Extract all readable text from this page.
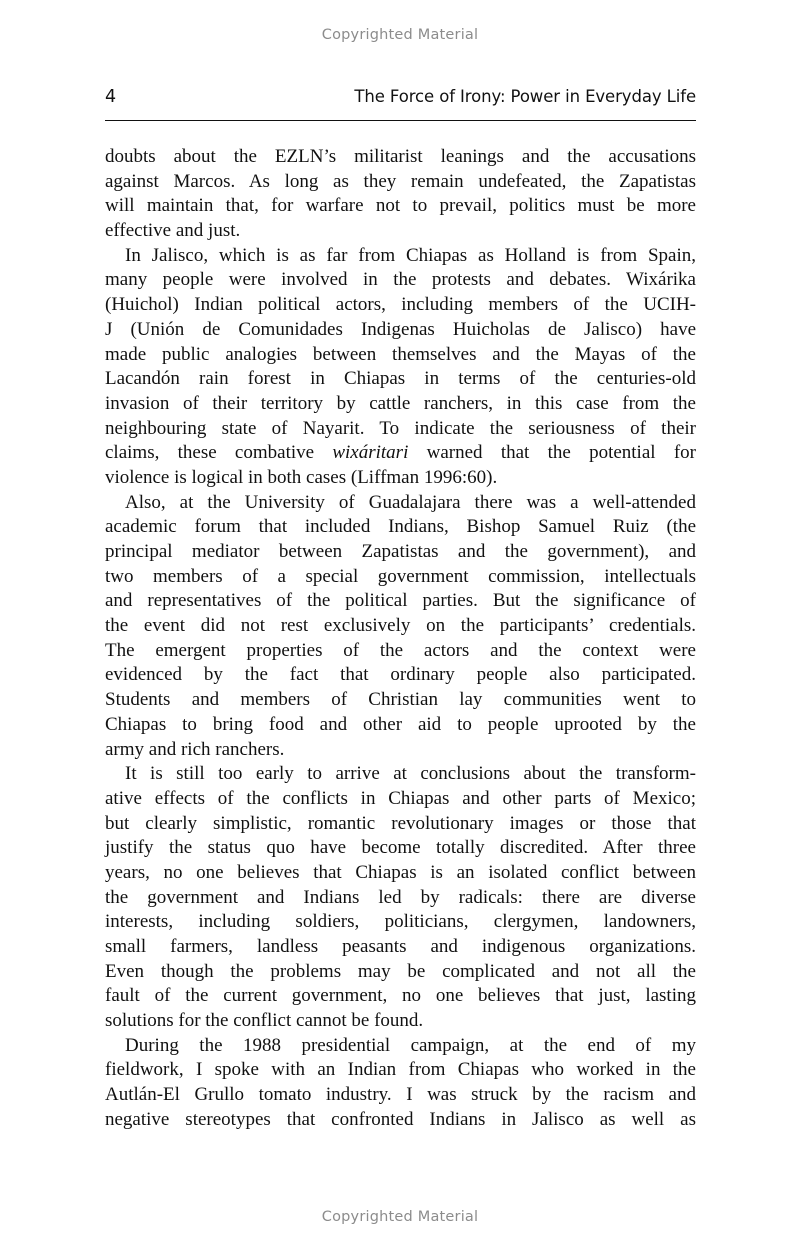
Copyrighted Material
4	The Force of Irony: Power in Everyday Life
doubts about the EZLN’s militarist leanings and the accusations
against Marcos. As long as they remain undefeated, the Zapatistas
will maintain that, for warfare not to prevail, politics must be more
effective and just.
In Jalisco, which is as far from Chiapas as Holland is from Spain,
many people were involved in the protests and debates. Wixárika
(Huichol) Indian political actors, including members of the UCIH-
J (Unión de Comunidades Indigenas Huicholas de Jalisco) have
made public analogies between themselves and the Mayas of the
Lacandón rain forest in Chiapas in terms of the centuries-old
invasion of their territory by cattle ranchers, in this case from the
neighbouring state of Nayarit. To indicate the seriousness of their
claims, these combative wixáritari warned that the potential for
violence is logical in both cases (Liffman 1996:60).
Also, at the University of Guadalajara there was a well-attended
academic forum that included Indians, Bishop Samuel Ruiz (the
principal mediator between Zapatistas and the government), and
two members of a special government commission, intellectuals
and representatives of the political parties. But the significance of
the event did not rest exclusively on the participants’ credentials.
The emergent properties of the actors and the context were
evidenced by the fact that ordinary people also participated.
Students and members of Christian lay communities went to
Chiapas to bring food and other aid to people uprooted by the
army and rich ranchers.
It is still too early to arrive at conclusions about the transform-
ative effects of the conflicts in Chiapas and other parts of Mexico;
but clearly simplistic, romantic revolutionary images or those that
justify the status quo have become totally discredited. After three
years, no one believes that Chiapas is an isolated conflict between
the government and Indians led by radicals: there are diverse
interests, including soldiers, politicians, clergymen, landowners,
small farmers, landless peasants and indigenous organizations.
Even though the problems may be complicated and not all the
fault of the current government, no one believes that just, lasting
solutions for the conflict cannot be found.
During the 1988 presidential campaign, at the end of my
fieldwork, I spoke with an Indian from Chiapas who worked in the
Autlán-El Grullo tomato industry. I was struck by the racism and
negative stereotypes that confronted Indians in Jalisco as well as
Copyrighted Material
